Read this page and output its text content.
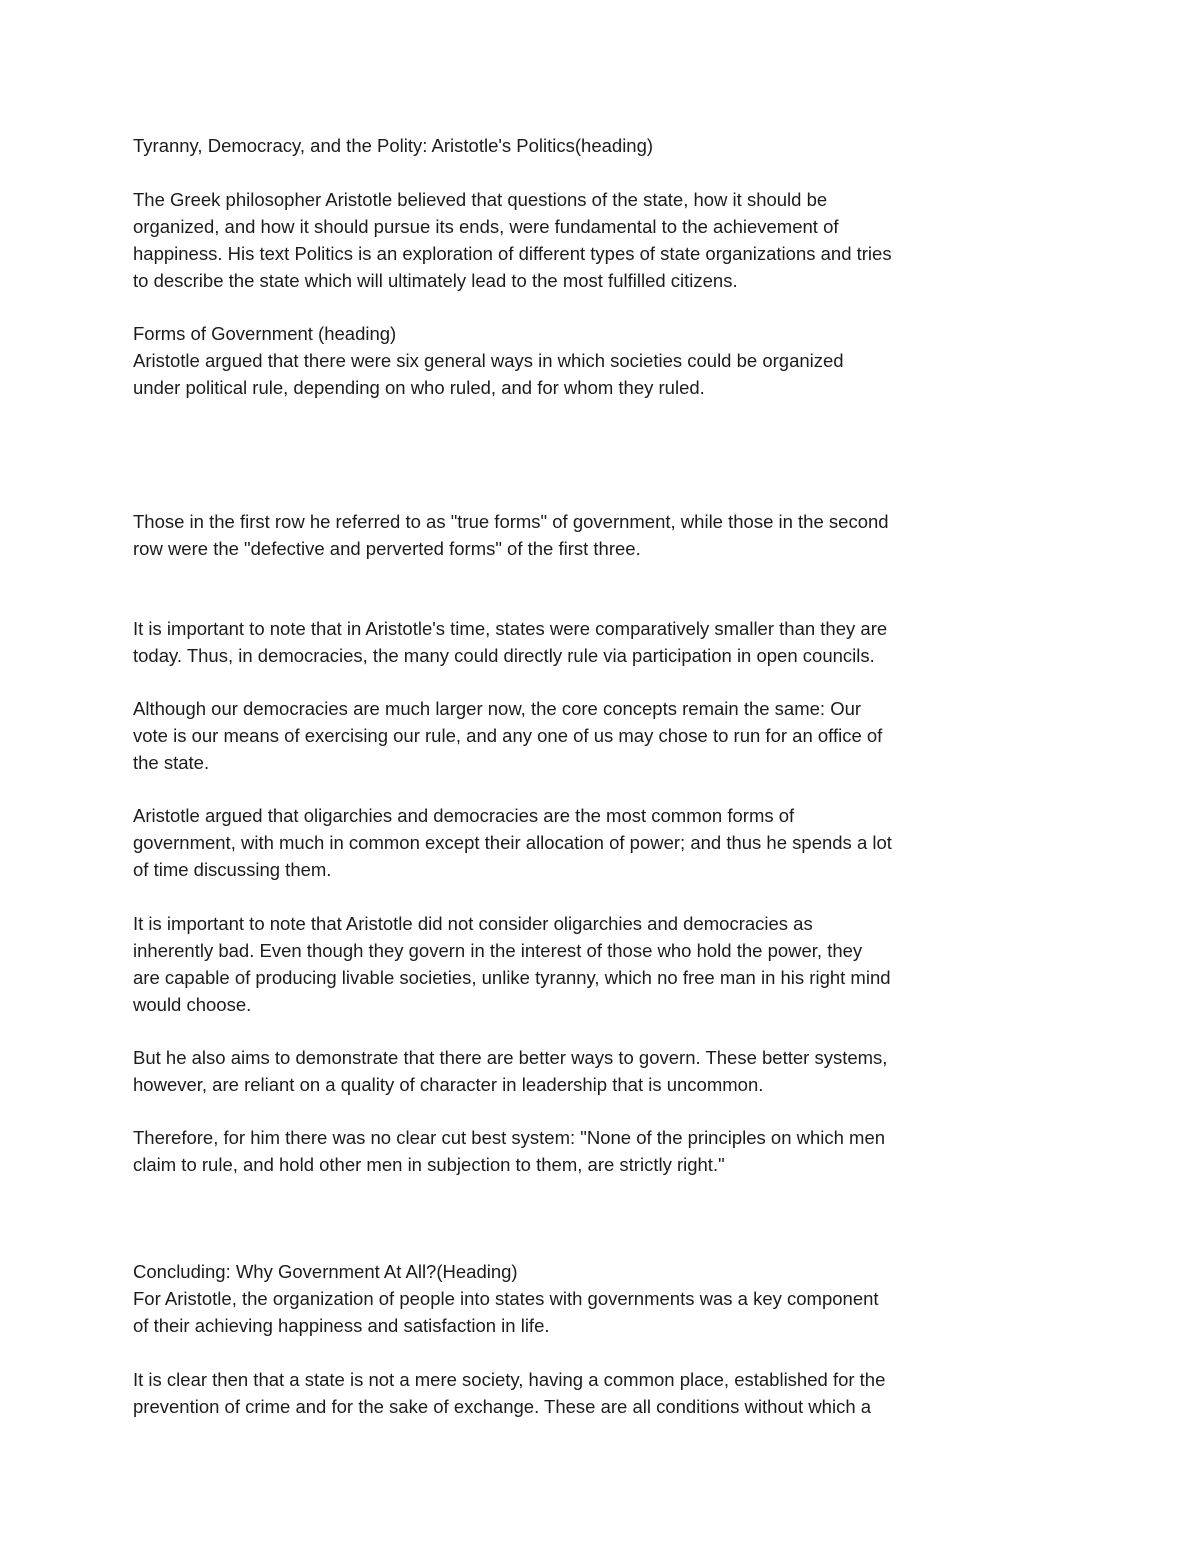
Tyranny, Democracy, and the Polity: Aristotle's Politics(heading)

The Greek philosopher Aristotle believed that questions of the state, how it should be

organized, and how it should pursue its ends, were fundamental to the achievement of

happiness. His text Politics is an exploration of different types of state organizations and tries

to describe the state which will ultimately lead to the most fulfilled citizens.

Forms of Government (heading)

Aristotle argued that there were six general ways in which societies could be organized

under political rule, depending on who ruled, and for whom they ruled.

Those in the first row he referred to as "true forms" of government, while those in the second

row were the "defective and perverted forms" of the first three.

It is important to note that in Aristotle's time, states were comparatively smaller than they are

today. Thus, in democracies, the many could directly rule via participation in open councils.

Although our democracies are much larger now, the core concepts remain the same: Our

vote is our means of exercising our rule, and any one of us may chose to run for an office of

the state.

Aristotle argued that oligarchies and democracies are the most common forms of

government, with much in common except their allocation of power; and thus he spends a lot

of time discussing them.

It is important to note that Aristotle did not consider oligarchies and democracies as

inherently bad. Even though they govern in the interest of those who hold the power, they

are capable of producing livable societies, unlike tyranny, which no free man in his right mind

would choose.

But he also aims to demonstrate that there are better ways to govern. These better systems,

however, are reliant on a quality of character in leadership that is uncommon.

Therefore, for him there was no clear cut best system: "None of the principles on which men

claim to rule, and hold other men in subjection to them, are strictly right."

Concluding: Why Government At All?(Heading)

For Aristotle, the organization of people into states with governments was a key component

of their achieving happiness and satisfaction in life.

It is clear then that a state is not a mere society, having a common place, established for the

prevention of crime and for the sake of exchange. These are all conditions without which a
